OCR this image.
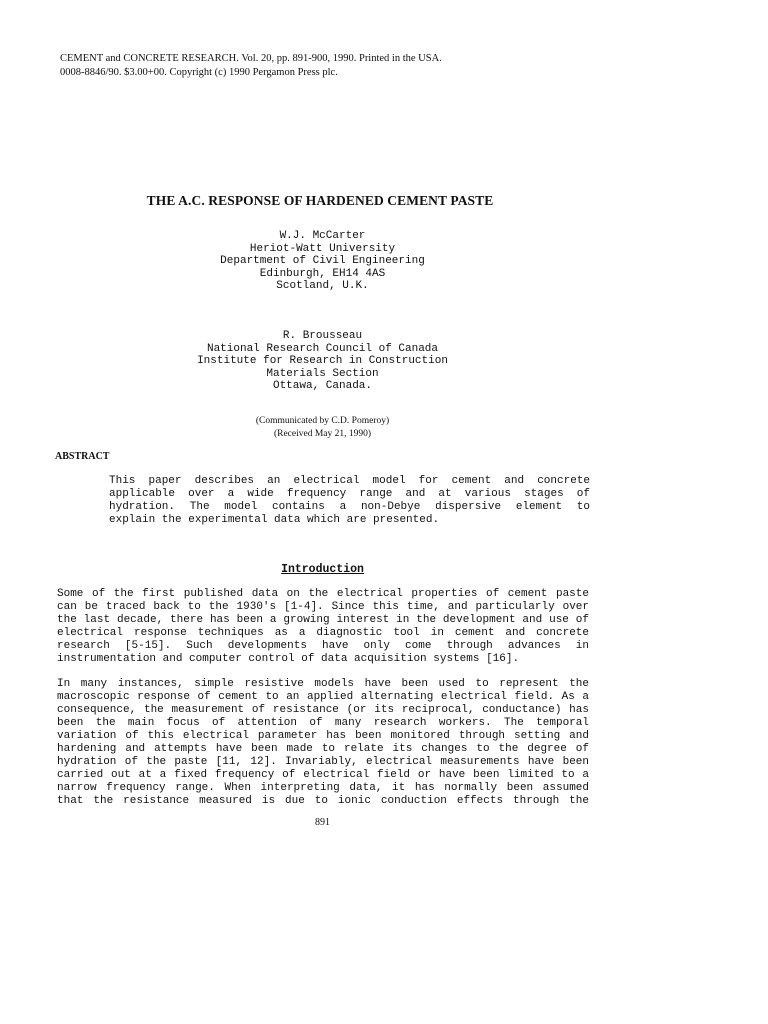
CEMENT and CONCRETE RESEARCH. Vol. 20, pp. 891-900, 1990. Printed in the USA.
0008-8846/90. $3.00+00. Copyright (c) 1990 Pergamon Press plc.
THE A.C. RESPONSE OF HARDENED CEMENT PASTE
W.J. McCarter
Heriot-Watt University
Department of Civil Engineering
Edinburgh, EH14 4AS
Scotland, U.K.
R. Brousseau
National Research Council of Canada
Institute for Research in Construction
Materials Section
Ottawa, Canada.
(Communicated by C.D. Pomeroy)
(Received May 21, 1990)
ABSTRACT
This paper describes an electrical model for cement and concrete
applicable over a wide frequency range and at various stages of
hydration. The model contains a non-Debye dispersive element to
explain the experimental data which are presented.
Introduction
Some of the first published data on the electrical properties of cement paste
can be traced back to the 1930's [1-4]. Since this time, and particularly over
the last decade, there has been a growing interest in the development and use of
electrical response techniques as a diagnostic tool in cement and concrete
research [5-15]. Such developments have only come through advances in
instrumentation and computer control of data acquisition systems [16].
In many instances, simple resistive models have been used to represent the
macroscopic response of cement to an applied alternating electrical field. As a
consequence, the measurement of resistance (or its reciprocal, conductance) has
been the main focus of attention of many research workers. The temporal
variation of this electrical parameter has been monitored through setting and
hardening and attempts have been made to relate its changes to the degree of
hydration of the paste [11, 12]. Invariably, electrical measurements have been
carried out at a fixed frequency of electrical field or have been limited to a
narrow frequency range. When interpreting data, it has normally been assumed
that the resistance measured is due to ionic conduction effects through the
891
